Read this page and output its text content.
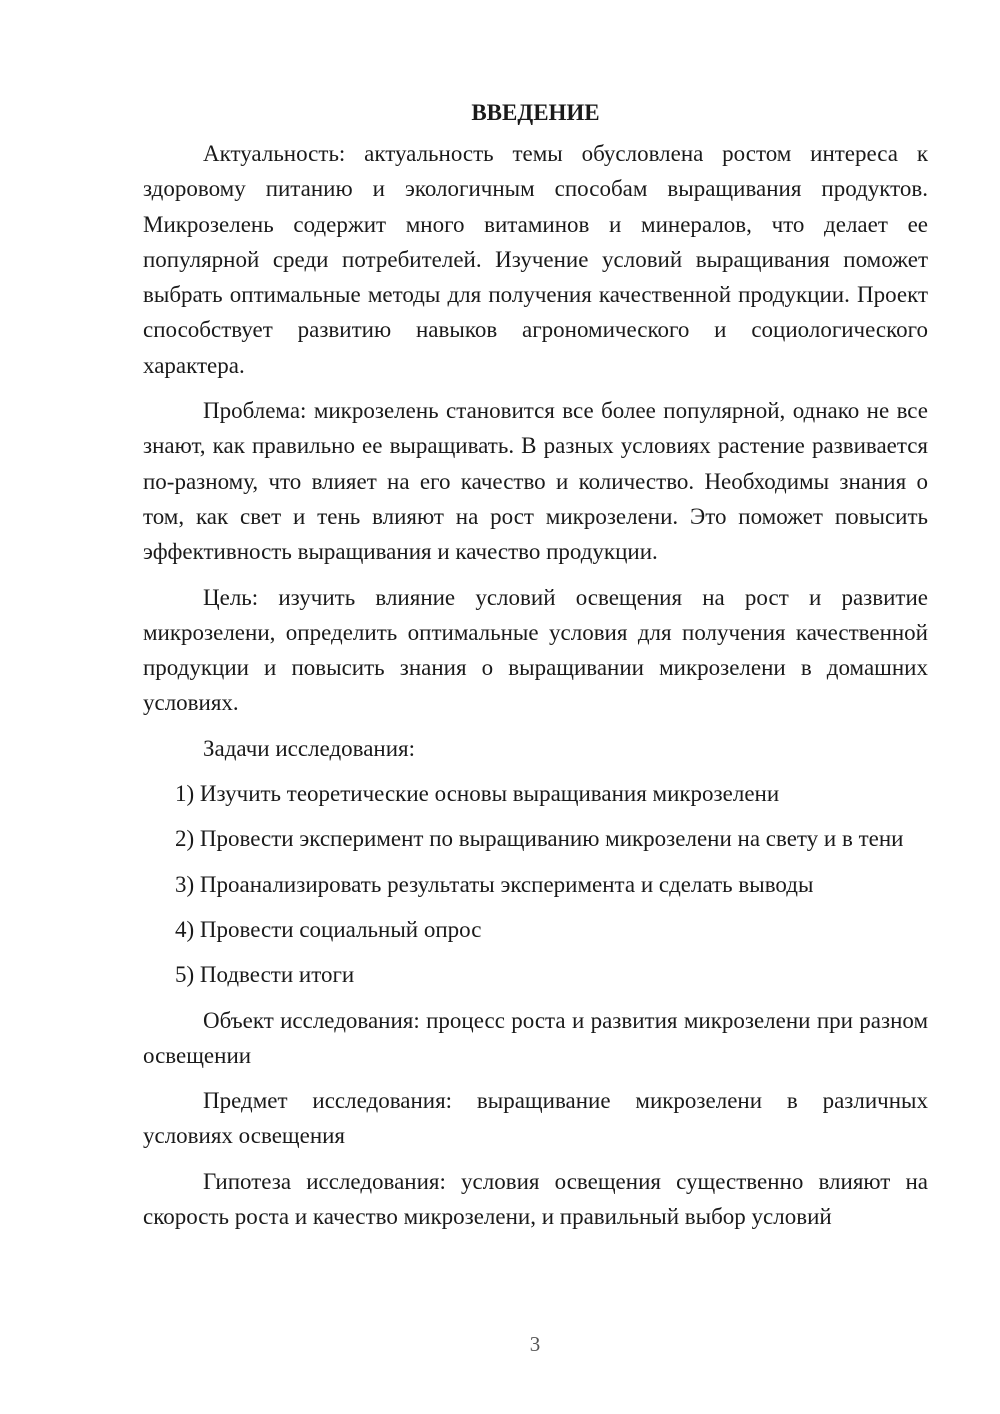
ВВЕДЕНИЕ

Актуальность: актуальность темы обусловлена ростом интереса к здоровому питанию и экологичным способам выращивания продуктов. Микрозелень содержит много витаминов и минералов, что делает ее популярной среди потребителей. Изучение условий выращивания поможет выбрать оптимальные методы для получения качественной продукции. Проект способствует развитию навыков агрономического и социологического характера.

Проблема: микрозелень становится все более популярной, однако не все знают, как правильно ее выращивать. В разных условиях растение развивается по-разному, что влияет на его качество и количество. Необходимы знания о том, как свет и тень влияют на рост микрозелени. Это поможет повысить эффективность выращивания и качество продукции.

Цель: изучить влияние условий освещения на рост и развитие микрозелени, определить оптимальные условия для получения качественной продукции и повысить знания о выращивании микрозелени в домашних условиях.

Задачи исследования:

1) Изучить теоретические основы выращивания микрозелени

2) Провести эксперимент по выращиванию микрозелени на свету и в тени

3) Проанализировать результаты эксперимента и сделать выводы

4) Провести социальный опрос

5) Подвести итоги

Объект исследования: процесс роста и развития микрозелени при разном освещении

Предмет исследования: выращивание микрозелени в различных условиях освещения

Гипотеза исследования: условия освещения существенно влияют на скорость роста и качество микрозелени, и правильный выбор условий

3
